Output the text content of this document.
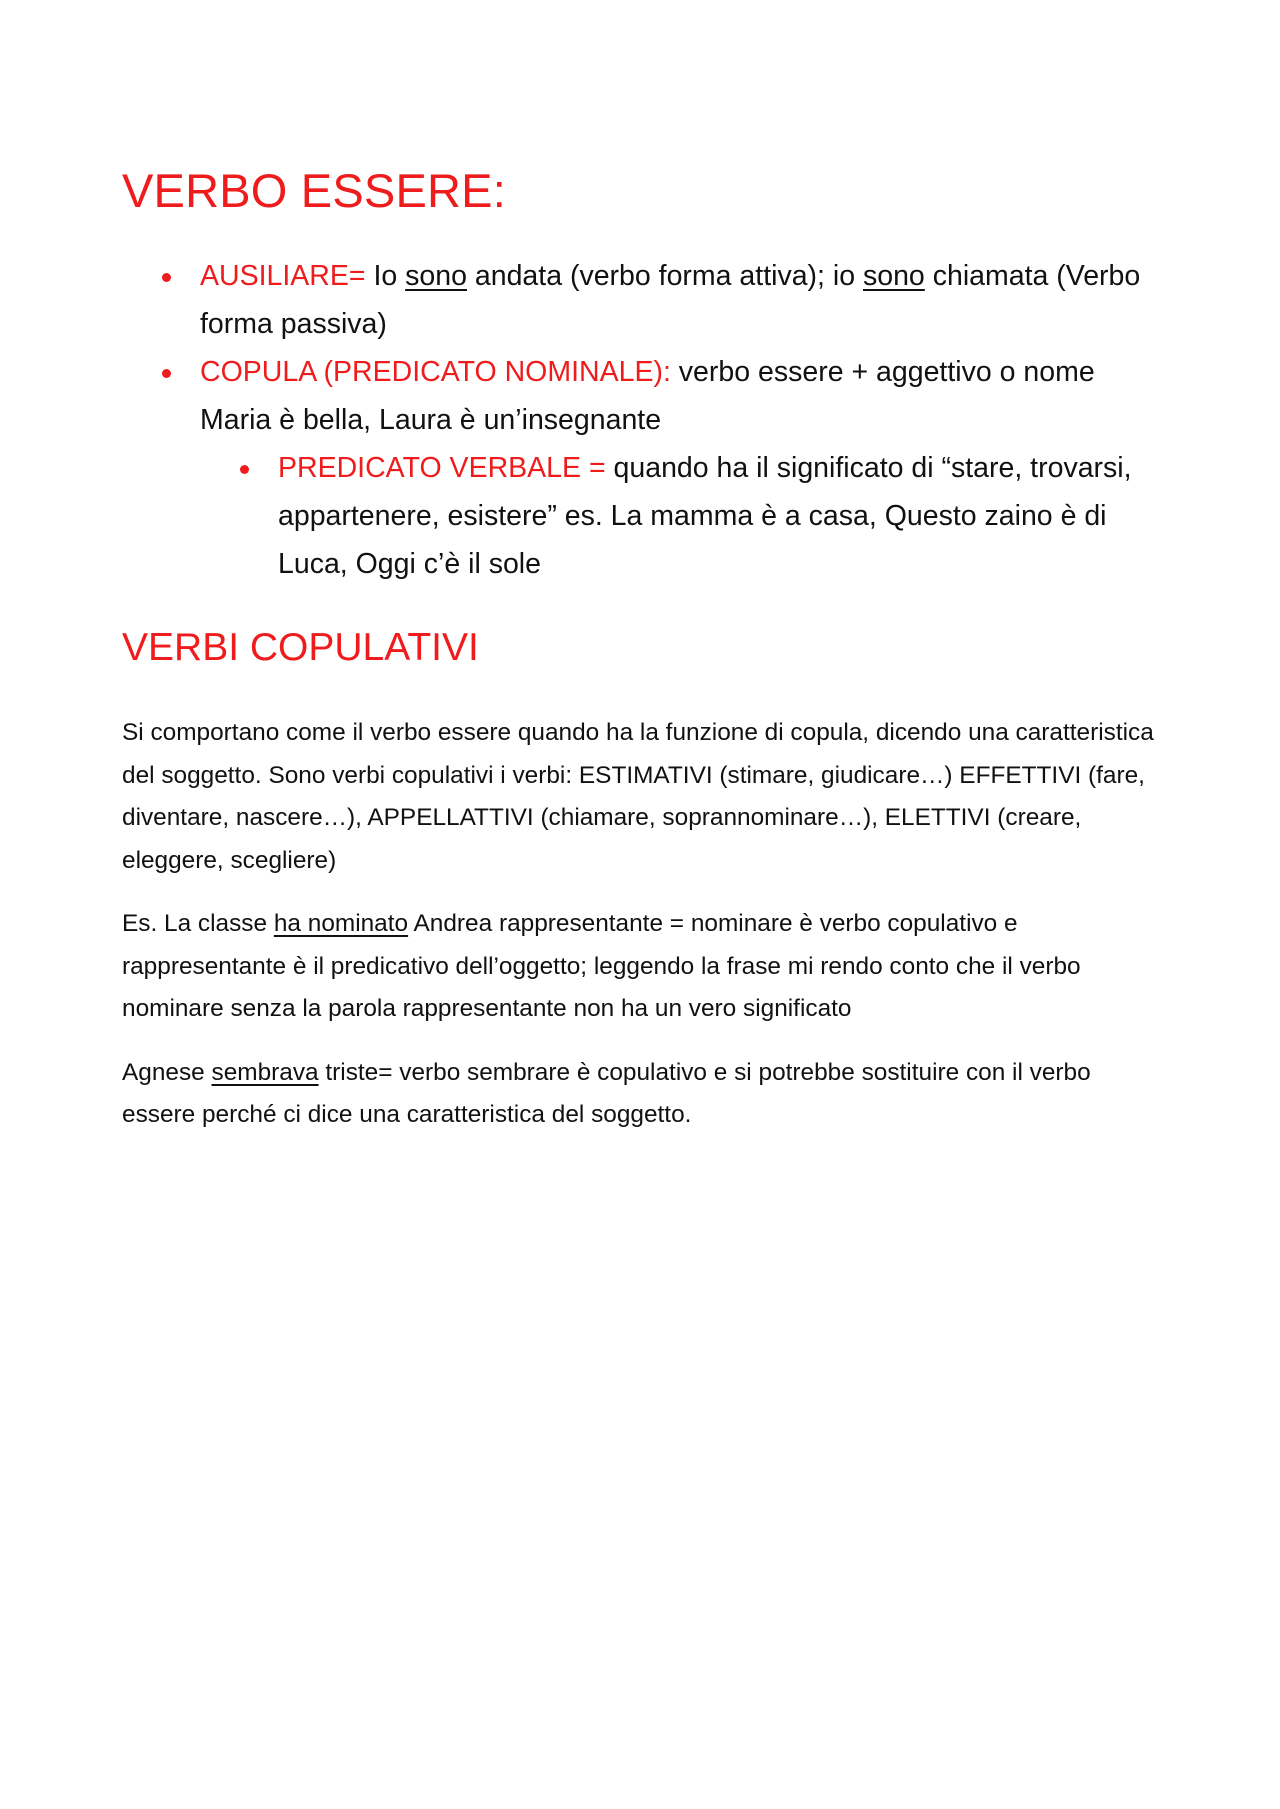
VERBO ESSERE:
AUSILIARE= Io sono andata (verbo forma attiva); io sono chiamata (Verbo forma passiva)
COPULA (PREDICATO NOMINALE): verbo essere + aggettivo o nome Maria è bella, Laura è un’insegnante
PREDICATO VERBALE = quando ha il significato di “stare, trovarsi, appartenere, esistere” es. La mamma è a casa, Questo zaino è di Luca, Oggi c’è il sole
VERBI COPULATIVI

Si comportano come il verbo essere quando ha la funzione di copula, dicendo una caratteristica del soggetto. Sono verbi copulativi i verbi: ESTIMATIVI (stimare, giudicare…) EFFETTIVI (fare, diventare, nascere…), APPELLATTIVI (chiamare, soprannominare…), ELETTIVI (creare, eleggere, scegliere)

Es. La classe ha nominato Andrea rappresentante = nominare è verbo copulativo e rappresentante è il predicativo dell’oggetto; leggendo la frase mi rendo conto che il verbo nominare senza la parola rappresentante non ha un vero significato

Agnese sembrava triste= verbo sembrare è copulativo e si potrebbe sostituire con il verbo essere perché ci dice una caratteristica del soggetto.
